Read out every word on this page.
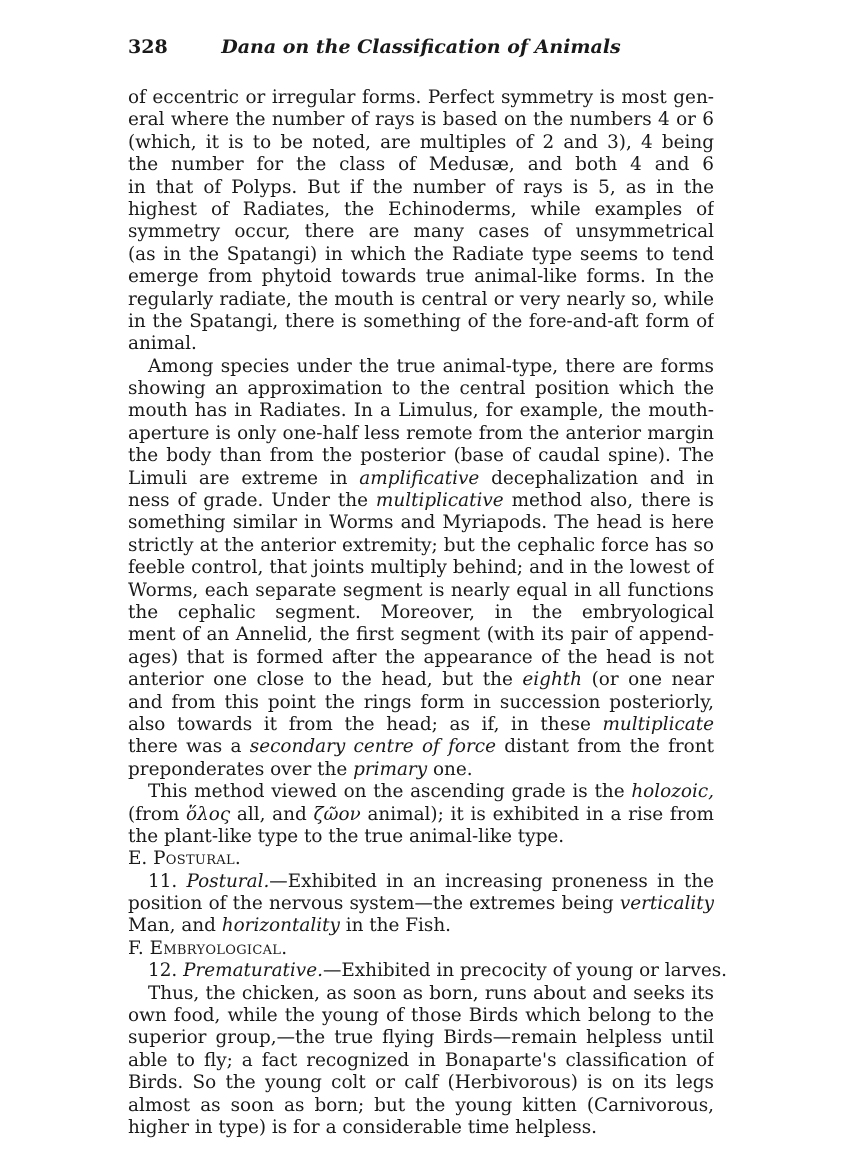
328	Dana on the Classification of Animals
of eccentric or irregular forms. Perfect symmetry is most gen-
eral where the number of rays is based on the numbers 4 or 6
(which, it is to be noted, are multiples of 2 and 3), 4 being
the number for the class of Medusæ, and both 4 and 6
in that of Polyps. But if the number of rays is 5, as in the
highest of Radiates, the Echinoderms, while examples of
symmetry occur, there are many cases of unsymmetrical
(as in the Spatangi) in which the Radiate type seems to tend
emerge from phytoid towards true animal-like forms. In the
regularly radiate, the mouth is central or very nearly so, while
in the Spatangi, there is something of the fore-and-aft form of
animal.
Among species under the true animal-type, there are forms
showing an approximation to the central position which the
mouth has in Radiates. In a Limulus, for example, the mouth-
aperture is only one-half less remote from the anterior margin
the body than from the posterior (base of caudal spine). The
Limuli are extreme in amplificative decephalization and in
ness of grade. Under the multiplicative method also, there is
something similar in Worms and Myriapods. The head is here
strictly at the anterior extremity; but the cephalic force has so
feeble control, that joints multiply behind; and in the lowest of
Worms, each separate segment is nearly equal in all functions
the cephalic segment. Moreover, in the embryological
ment of an Annelid, the first segment (with its pair of append-
ages) that is formed after the appearance of the head is not
anterior one close to the head, but the eighth (or one near
and from this point the rings form in succession posteriorly,
also towards it from the head; as if, in these multiplicate
there was a secondary centre of force distant from the front
preponderates over the primary one.
This method viewed on the ascending grade is the holozoic,
(from ὅλος all, and ζῶον animal); it is exhibited in a rise from
the plant-like type to the true animal-like type.
E. Postural.
11. Postural.—Exhibited in an increasing proneness in the
position of the nervous system—the extremes being verticality
Man, and horizontality in the Fish.
F. Embryological.
12. Prematurative.—Exhibited in precocity of young or larves.
Thus, the chicken, as soon as born, runs about and seeks its
own food, while the young of those Birds which belong to the
superior group,—the true flying Birds—remain helpless until
able to fly; a fact recognized in Bonaparte's classification of
Birds. So the young colt or calf (Herbivorous) is on its legs
almost as soon as born; but the young kitten (Carnivorous,
higher in type) is for a considerable time helpless.
